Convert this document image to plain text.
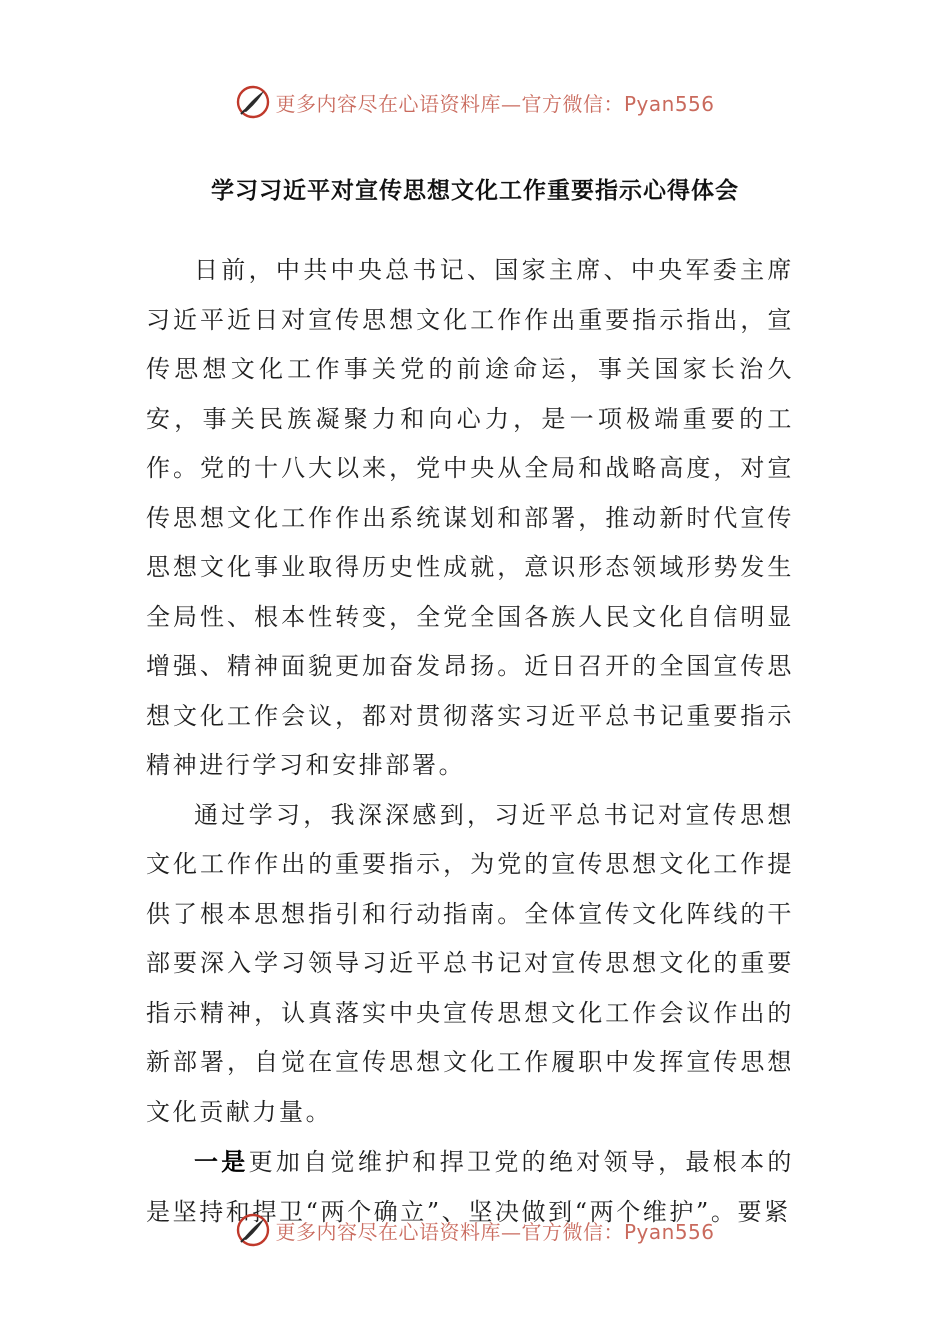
更多内容尽在心语资料库—官方微信：Pyan556
学习习近平对宣传思想文化工作重要指示心得体会

日前，中共中央总书记、国家主席、中央军委主席习近平近日对宣传思想文化工作作出重要指示指出，宣传思想文化工作事关党的前途命运，事关国家长治久安，事关民族凝聚力和向心力，是一项极端重要的工作。党的十八大以来，党中央从全局和战略高度，对宣传思想文化工作作出系统谋划和部署，推动新时代宣传思想文化事业取得历史性成就，意识形态领域形势发生全局性、根本性转变，全党全国各族人民文化自信明显增强、精神面貌更加奋发昂扬。近日召开的全国宣传思想文化工作会议，都对贯彻落实习近平总书记重要指示精神进行学习和安排部署。

通过学习，我深深感到，习近平总书记对宣传思想文化工作作出的重要指示，为党的宣传思想文化工作提供了根本思想指引和行动指南。全体宣传文化阵线的干部要深入学习领导习近平总书记对宣传思想文化的重要指示精神，认真落实中央宣传思想文化工作会议作出的新部署，自觉在宣传思想文化工作履职中发挥宣传思想文化贡献力量。

一是更加自觉维护和捍卫党的绝对领导，最根本的是坚持和捍卫“两个确立”、坚决做到“两个维护”。要紧

更多内容尽在心语资料库—官方微信：Pyan556
